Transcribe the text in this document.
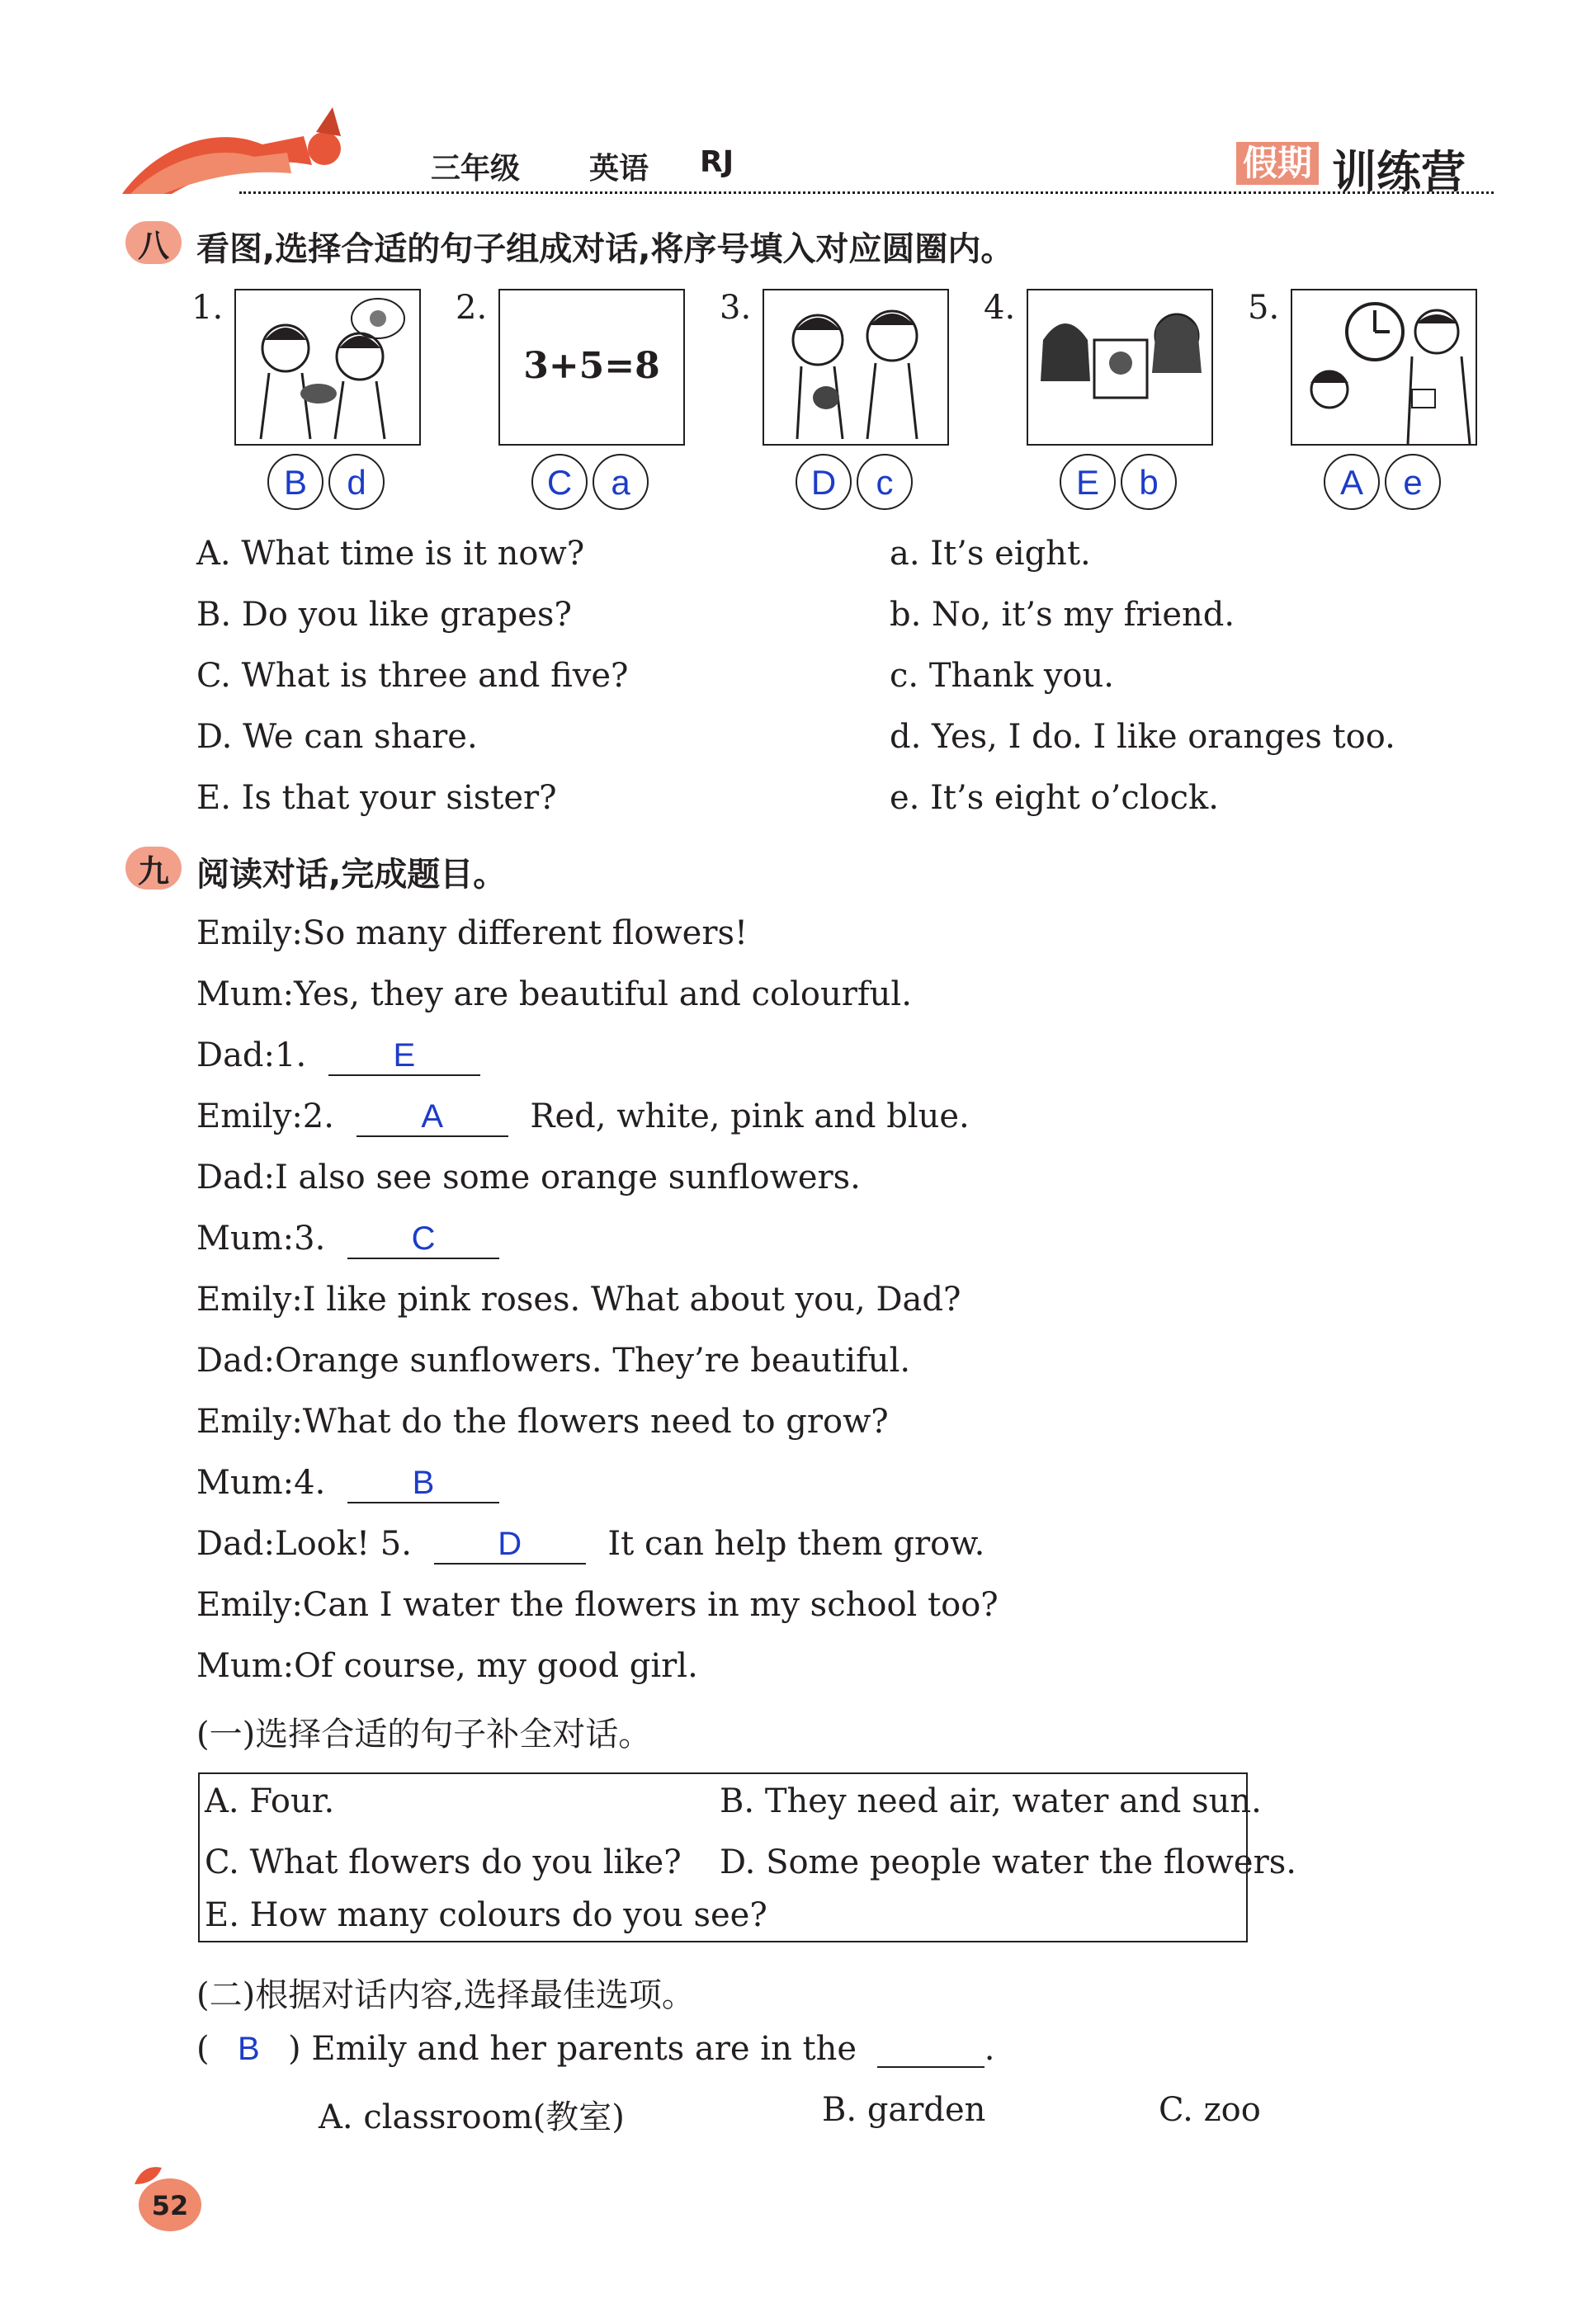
三年级 英语 RJ	假期 训练营
八 看图,选择合适的句子组成对话,将序号填入对应圆圈内。
1.	2.	3.	4.	5.
3+5=8
B	d	C	a	D	c	E	b	A	e
A. What time is it now?
B. Do you like grapes?
C. What is three and five?
D. We can share.
E. Is that your sister?
a. It’s eight.
b. No, it’s my friend.
c. Thank you.
d. Yes, I do. I like oranges too.
e. It’s eight o’clock.
九 阅读对话,完成题目。
Emily:So many different flowers!
Mum:Yes, they are beautiful and colourful.
Dad:1.	E
Emily:2.	A	Red, white, pink and blue.
Dad:I also see some orange sunflowers.
Mum:3.	C
Emily:I like pink roses. What about you, Dad?
Dad:Orange sunflowers. They’re beautiful.
Emily:What do the flowers need to grow?
Mum:4.	B
Dad:Look! 5.	D	It can help them grow.
Emily:Can I water the flowers in my school too?
Mum:Of course, my good girl.
(一)选择合适的句子补全对话。
A. Four.	B. They need air, water and sun.
C. What flowers do you like? D. Some people water the flowers.
E. How many colours do you see?
(二)根据对话内容,选择最佳选项。
( B ) Emily and her parents are in the	.
A. classroom(教室)	B. garden	C. zoo
52
